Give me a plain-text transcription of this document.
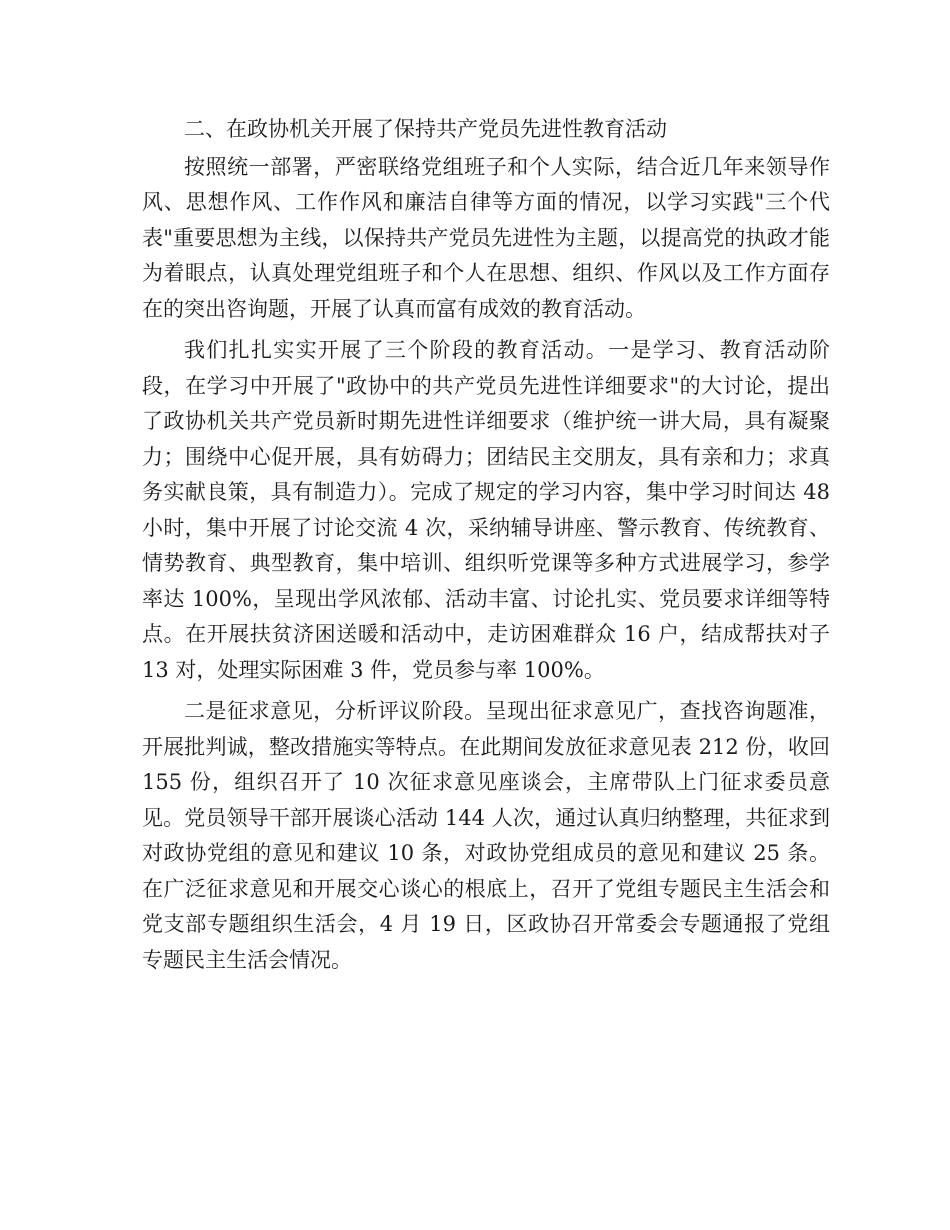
二、在政协机关开展了保持共产党员先进性教育活动

按照统一部署，严密联络党组班子和个人实际，结合近几年来领导作风、思想作风、工作作风和廉洁自律等方面的情况，以学习实践"三个代表"重要思想为主线，以保持共产党员先进性为主题，以提高党的执政才能为着眼点，认真处理党组班子和个人在思想、组织、作风以及工作方面存在的突出咨询题，开展了认真而富有成效的教育活动。

我们扎扎实实开展了三个阶段的教育活动。一是学习、教育活动阶段，在学习中开展了"政协中的共产党员先进性详细要求"的大讨论，提出了政协机关共产党员新时期先进性详细要求（维护统一讲大局，具有凝聚力；围绕中心促开展，具有妨碍力；团结民主交朋友，具有亲和力；求真务实献良策，具有制造力）。完成了规定的学习内容，集中学习时间达 48 小时，集中开展了讨论交流 4 次，采纳辅导讲座、警示教育、传统教育、情势教育、典型教育，集中培训、组织听党课等多种方式进展学习，参学率达 100%，呈现出学风浓郁、活动丰富、讨论扎实、党员要求详细等特点。在开展扶贫济困送暖和活动中，走访困难群众 16 户，结成帮扶对子 13 对，处理实际困难 3 件，党员参与率 100%。

二是征求意见，分析评议阶段。呈现出征求意见广，查找咨询题准，开展批判诚，整改措施实等特点。在此期间发放征求意见表 212 份，收回 155 份，组织召开了 10 次征求意见座谈会，主席带队上门征求委员意见。党员领导干部开展谈心活动 144 人次，通过认真归纳整理，共征求到对政协党组的意见和建议 10 条，对政协党组成员的意见和建议 25 条。在广泛征求意见和开展交心谈心的根底上，召开了党组专题民主生活会和党支部专题组织生活会，4 月 19 日，区政协召开常委会专题通报了党组专题民主生活会情况。
